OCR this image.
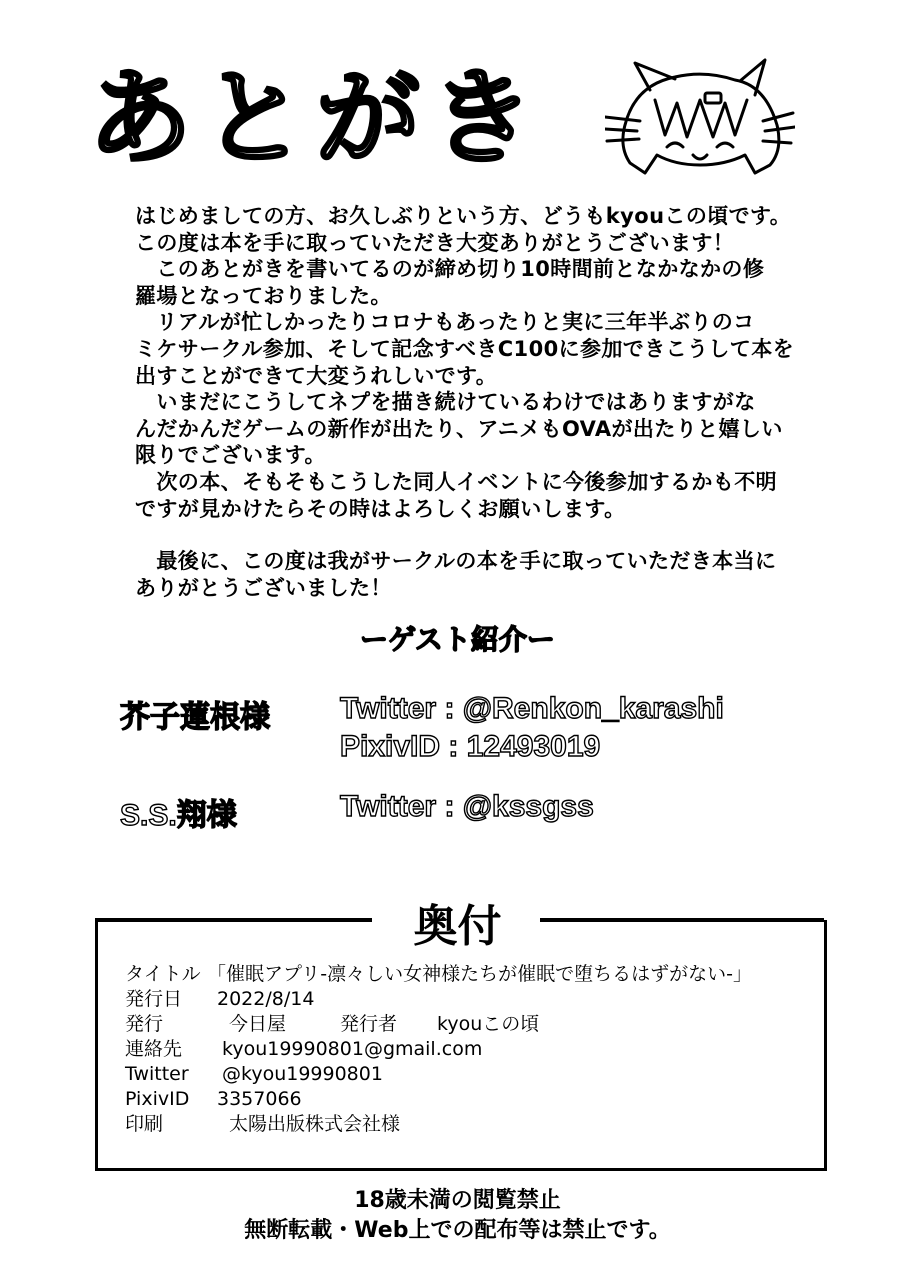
あ と が き

はじめましての方、お久しぶりという方、どうもkyouこの頃です。

この度は本を手に取っていただき大変ありがとうございます！

　このあとがきを書いてるのが締め切り10時間前となかなかの修

羅場となっておりました。

　リアルが忙しかったりコロナもあったりと実に三年半ぶりのコ

ミケサークル参加、そして記念すべきC100に参加できこうして本を

出すことができて大変うれしいです。

　いまだにこうしてネプを描き続けているわけではありますがな

んだかんだゲームの新作が出たり、アニメもOVAが出たりと嬉しい

限りでございます。

　次の本、そもそもこうした同人イベントに今後参加するかも不明

ですが見かけたらその時はよろしくお願いします。

　最後に、この度は我がサークルの本を手に取っていただき本当に

ありがとうございました！

ーゲスト紹介ー
芥子蓮根様 Twitter : @Renkon_karashi
PixivID : 12493019
S.S.翔様	Twitter : @kssgss
奥付
タイトル 「催眠アプリ-凛々しい女神様たちが催眠で堕ちるはずがない-」
発行日 2022/8/14
発行	今日屋	発行者 kyouこの頃
連絡先 kyou19990801@gmail.com
Twitter @kyou19990801
PixivID 3357066
印刷	太陽出版株式会社様
18歳未満の閲覧禁止
無断転載・Web上での配布等は禁止です。
